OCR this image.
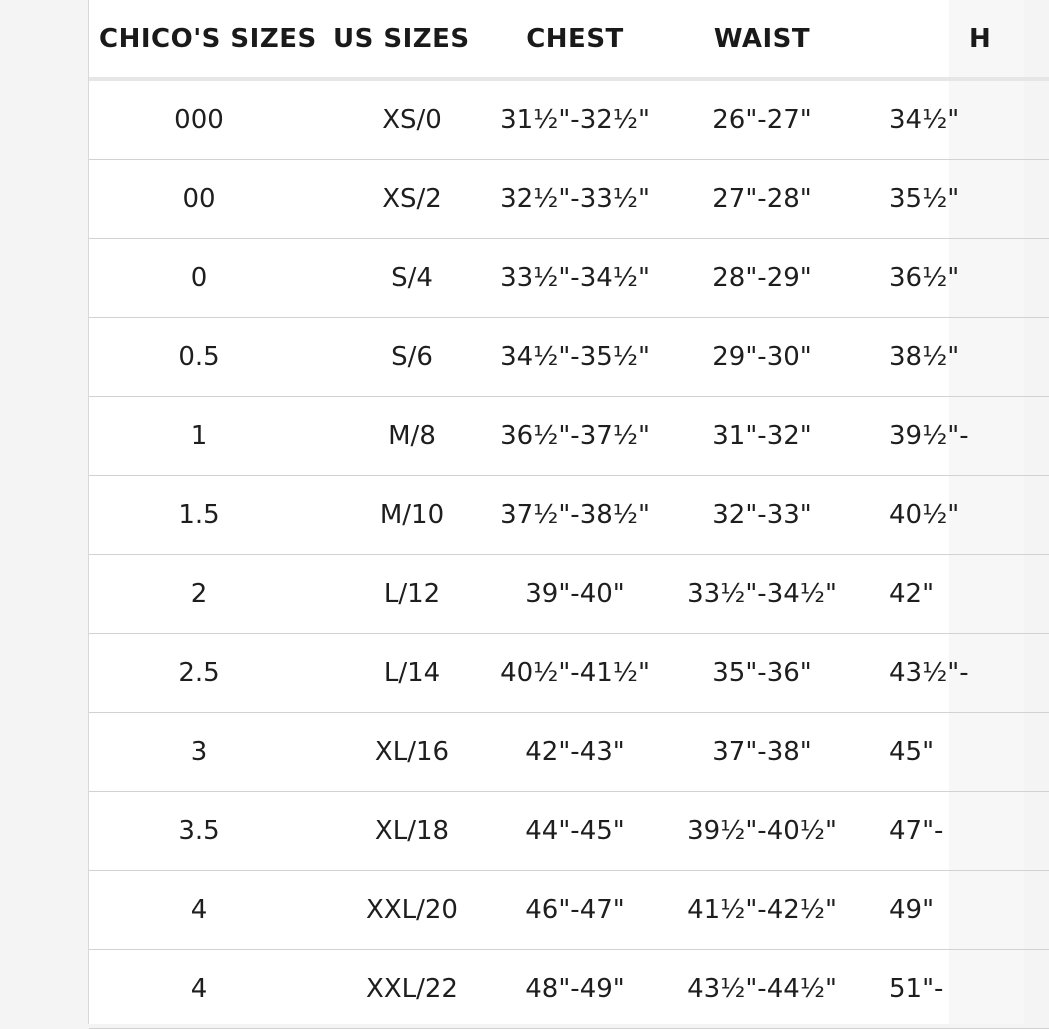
CHICO'S SIZES	US SIZES	CHEST	WAIST	H
000	XS/0	31½"-32½"	26"-27"	34½"
00	XS/2	32½"-33½"	27"-28"	35½"
0	S/4	33½"-34½"	28"-29"	36½"
0.5	S/6	34½"-35½"	29"-30"	38½"
1	M/8	36½"-37½"	31"-32"	39½"-
1.5	M/10	37½"-38½"	32"-33"	40½"
2	L/12	39"-40"	33½"-34½"	42"
2.5	L/14	40½"-41½"	35"-36"	43½"-
3	XL/16	42"-43"	37"-38"	45"
3.5	XL/18	44"-45"	39½"-40½"	47"-
4	XXL/20	46"-47"	41½"-42½"	49"
4	XXL/22	48"-49"	43½"-44½"	51"-
